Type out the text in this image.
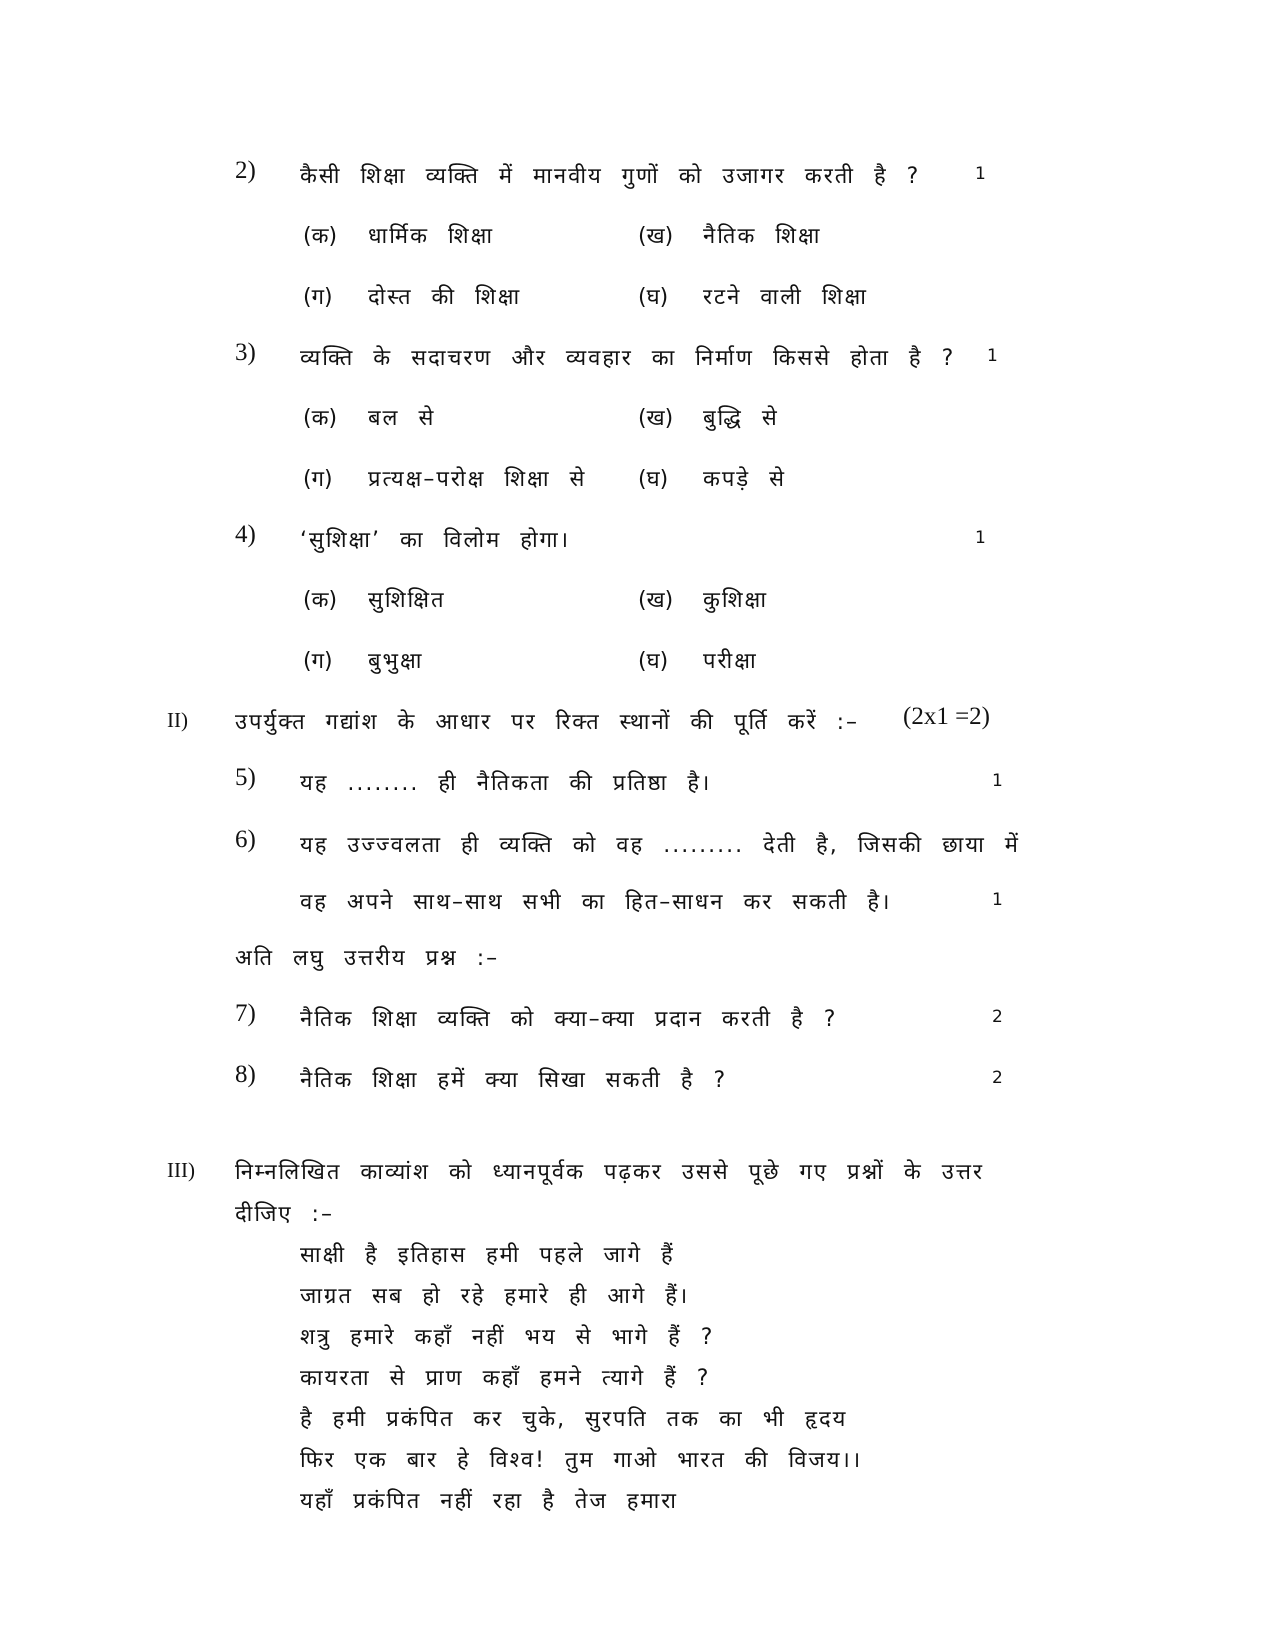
2) कैसी शिक्षा व्यक्ति में मानवीय गुणों को उजागर करती है ?	1
(क) धार्मिक शिक्षा	(ख) नैतिक शिक्षा
(ग) दोस्त की शिक्षा	(घ) रटने वाली शिक्षा
3) व्यक्ति के सदाचरण और व्यवहार का निर्माण किससे होता है ? 1
(क) बल से	(ख) बुद्धि से
(ग) प्रत्यक्ष–परोक्ष शिक्षा से (घ) कपड़े से
4) ‘सुशिक्षा’ का विलोम होगा।	1
(क) सुशिक्षित	(ख) कुशिक्षा
(ग) बुभुक्षा	(घ) परीक्षा
II) उपर्युक्त गद्यांश के आधार पर रिक्त स्थानों की पूर्ति करें :– (2x1 =2)
5) यह ........ ही नैतिकता की प्रतिष्ठा है।	1
6) यह उज्ज्वलता ही व्यक्ति को वह ......... देती है, जिसकी छाया में
वह अपने साथ–साथ सभी का हित–साधन कर सकती है।	1
अति लघु उत्तरीय प्रश्न :–
7) नैतिक शिक्षा व्यक्ति को क्या–क्या प्रदान करती है ?	2
8) नैतिक शिक्षा हमें क्या सिखा सकती है ?	2
III) निम्नलिखित काव्यांश को ध्यानपूर्वक पढ़कर उससे पूछे गए प्रश्नों के उत्तर
दीजिए :–
साक्षी है इतिहास हमी पहले जागे हैं
जाग्रत सब हो रहे हमारे ही आगे हैं।
शत्रु हमारे कहाँ नहीं भय से भागे हैं ?
कायरता से प्राण कहाँ हमने त्यागे हैं ?
है हमी प्रकंपित कर चुके, सुरपति तक का भी हृदय
फिर एक बार हे विश्व! तुम गाओ भारत की विजय।।
यहाँ प्रकंपित नहीं रहा है तेज हमारा
